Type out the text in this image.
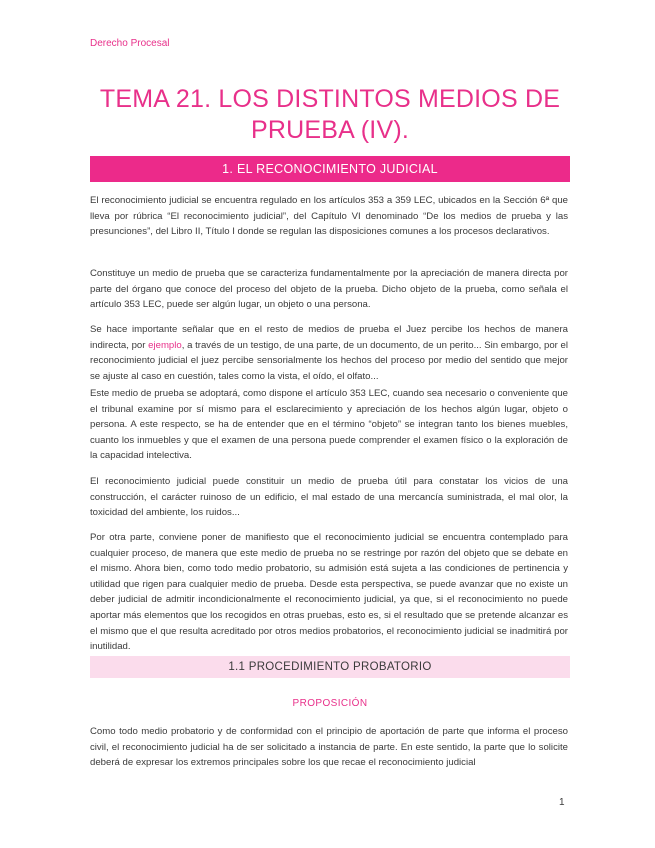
Derecho Procesal
TEMA 21. LOS DISTINTOS MEDIOS DE PRUEBA (IV).
1. EL RECONOCIMIENTO JUDICIAL
El reconocimiento judicial se encuentra regulado en los artículos 353 a 359 LEC, ubicados en la Sección 6ª que lleva por rúbrica “El reconocimiento judicial”, del Capítulo VI denominado “De los medios de prueba y las presunciones”, del Libro II, Título I donde se regulan las disposiciones comunes a los procesos declarativos.
Constituye un medio de prueba que se caracteriza fundamentalmente por la apreciación de manera directa por parte del órgano que conoce del proceso del objeto de la prueba. Dicho objeto de la prueba, como señala el artículo 353 LEC, puede ser algún lugar, un objeto o una persona.
Se hace importante señalar que en el resto de medios de prueba el Juez percibe los hechos de manera indirecta, por ejemplo, a través de un testigo, de una parte, de un documento, de un perito... Sin embargo, por el reconocimiento judicial el juez percibe sensorialmente los hechos del proceso por medio del sentido que mejor se ajuste al caso en cuestión, tales como la vista, el oído, el olfato...
Este medio de prueba se adoptará, como dispone el artículo 353 LEC, cuando sea necesario o conveniente que el tribunal examine por sí mismo para el esclarecimiento y apreciación de los hechos algún lugar, objeto o persona. A este respecto, se ha de entender que en el término “objeto” se integran tanto los bienes muebles, cuanto los inmuebles y que el examen de una persona puede comprender el examen físico o la exploración de la capacidad intelectiva.
El reconocimiento judicial puede constituir un medio de prueba útil para constatar los vicios de una construcción, el carácter ruinoso de un edificio, el mal estado de una mercancía suministrada, el mal olor, la toxicidad del ambiente, los ruidos...
Por otra parte, conviene poner de manifiesto que el reconocimiento judicial se encuentra contemplado para cualquier proceso, de manera que este medio de prueba no se restringe por razón del objeto que se debate en el mismo. Ahora bien, como todo medio probatorio, su admisión está sujeta a las condiciones de pertinencia y utilidad que rigen para cualquier medio de prueba. Desde esta perspectiva, se puede avanzar que no existe un deber judicial de admitir incondicionalmente el reconocimiento judicial, ya que, si el reconocimiento no puede aportar más elementos que los recogidos en otras pruebas, esto es, si el resultado que se pretende alcanzar es el mismo que el que resulta acreditado por otros medios probatorios, el reconocimiento judicial se inadmitirá por inutilidad.
1.1 PROCEDIMIENTO PROBATORIO
PROPOSICIÓN
Como todo medio probatorio y de conformidad con el principio de aportación de parte que informa el proceso civil, el reconocimiento judicial ha de ser solicitado a instancia de parte. En este sentido, la parte que lo solicite deberá de expresar los extremos principales sobre los que recae el reconocimiento judicial
1
